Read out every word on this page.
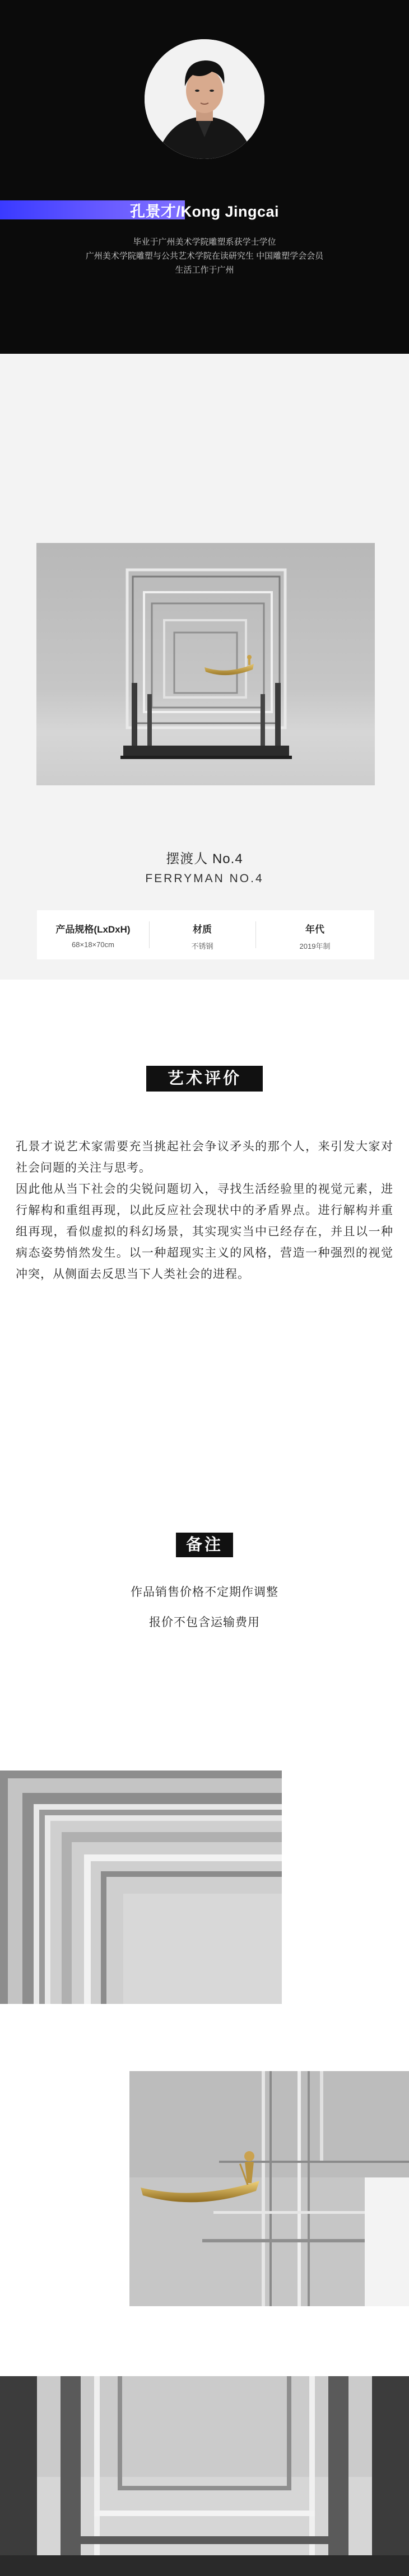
孔景才/Kong Jingcai
毕业于广州美术学院雕塑系获学士学位
广州美术学院雕塑与公共艺术学院在读研究生 中国雕塑学会会员
生活工作于广州
摆渡人 No.4
FERRYMAN NO.4
产品规格(LxDxH)
68×18×70cm
材质
不锈钢
年代
2019年制
艺术评价

孔景才说艺术家需要充当挑起社会争议矛头的那个人，来引发大家对社会问题的关注与思考。

因此他从当下社会的尖锐问题切入，寻找生活经验里的视觉元素，进行解构和重组再现，以此反应社会现状中的矛盾界点。进行解构并重组再现，看似虚拟的科幻场景，其实现实当中已经存在，并且以一种病态姿势悄然发生。以一种超现实主义的风格，营造一种强烈的视觉冲突，从侧面去反思当下人类社会的进程。

备注
作品销售价格不定期作调整
报价不包含运输费用
